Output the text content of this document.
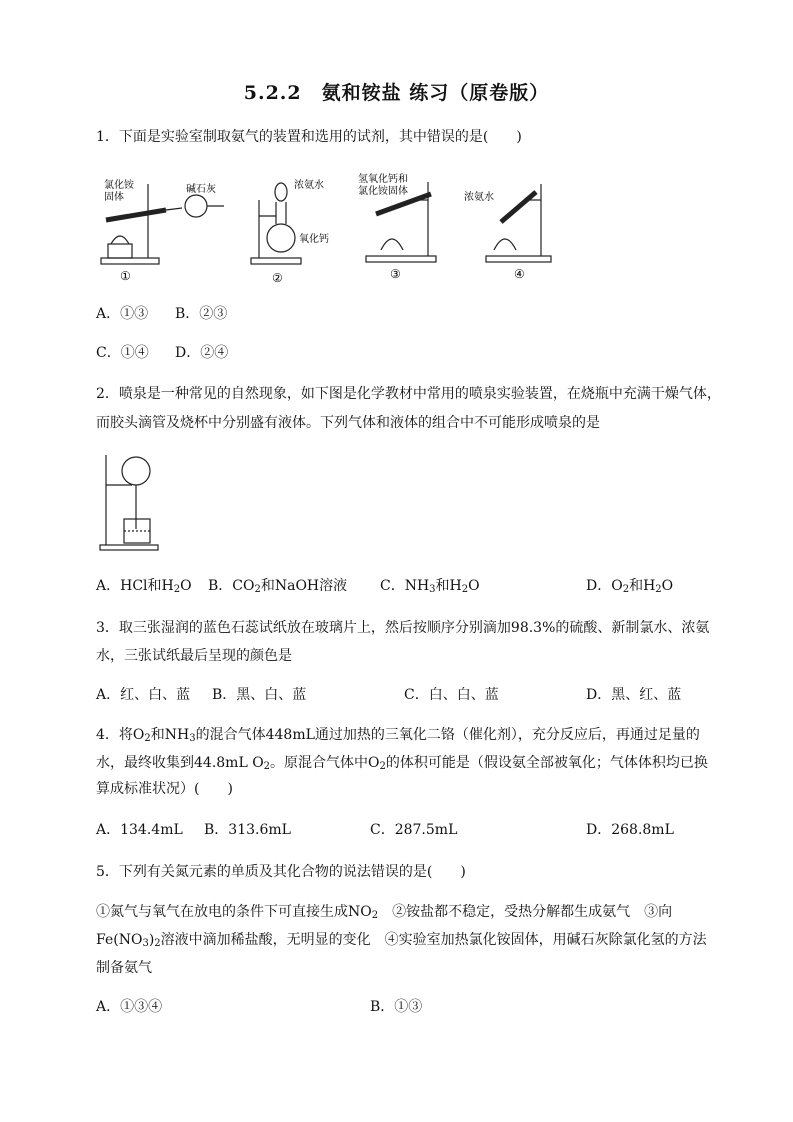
5.2.2　氨和铵盐 练习（原卷版）
1．下面是实验室制取氨气的装置和选用的试剂，其中错误的是(　　)
氯化铵
固体
碱石灰
①
浓氨水
氧化钙
②
氢氧化钙和
氯化铵固体
③
浓氨水
④
A．①③ B．②③
C．①④ D．②④
2．喷泉是一种常见的自然现象，如下图是化学教材中常用的喷泉实验装置，在烧瓶中充满干燥气体，
而胶头滴管及烧杯中分别盛有液体。下列气体和液体的组合中不可能形成喷泉的是
A．HCl和$H_2O$ B．$CO_2$和NaOH溶液 C．$NH_3$和$H_2O$	D．$O_2$和$H_2O$
3．取三张湿润的蓝色石蕊试纸放在玻璃片上，然后按顺序分别滴加98.3%的硫酸、新制氯水、浓氨
水，三张试纸最后呈现的颜色是
A．红、白、蓝 B．黑、白、蓝	C．白、白、蓝	D．黑、红、蓝
4．将$O_2$和$NH_3$的混合气体448mL通过加热的三氧化二铬（催化剂），充分反应后，再通过足量的
水，最终收集到44.8mL $O_2$。原混合气体中$O_2$的体积可能是（假设氨全部被氧化；气体体积均已换
算成标准状况）(　　)
A．134.4mL B．313.6mL	C．287.5mL	D．268.8mL
5．下列有关氮元素的单质及其化合物的说法错误的是(　　)
①氮气与氧气在放电的条件下可直接生成$NO_2$　②铵盐都不稳定，受热分解都生成氨气　③向
$Fe(NO_3)_2$溶液中滴加稀盐酸，无明显的变化　④实验室加热氯化铵固体，用碱石灰除氯化氢的方法
制备氨气
A．①③④	B．①③
